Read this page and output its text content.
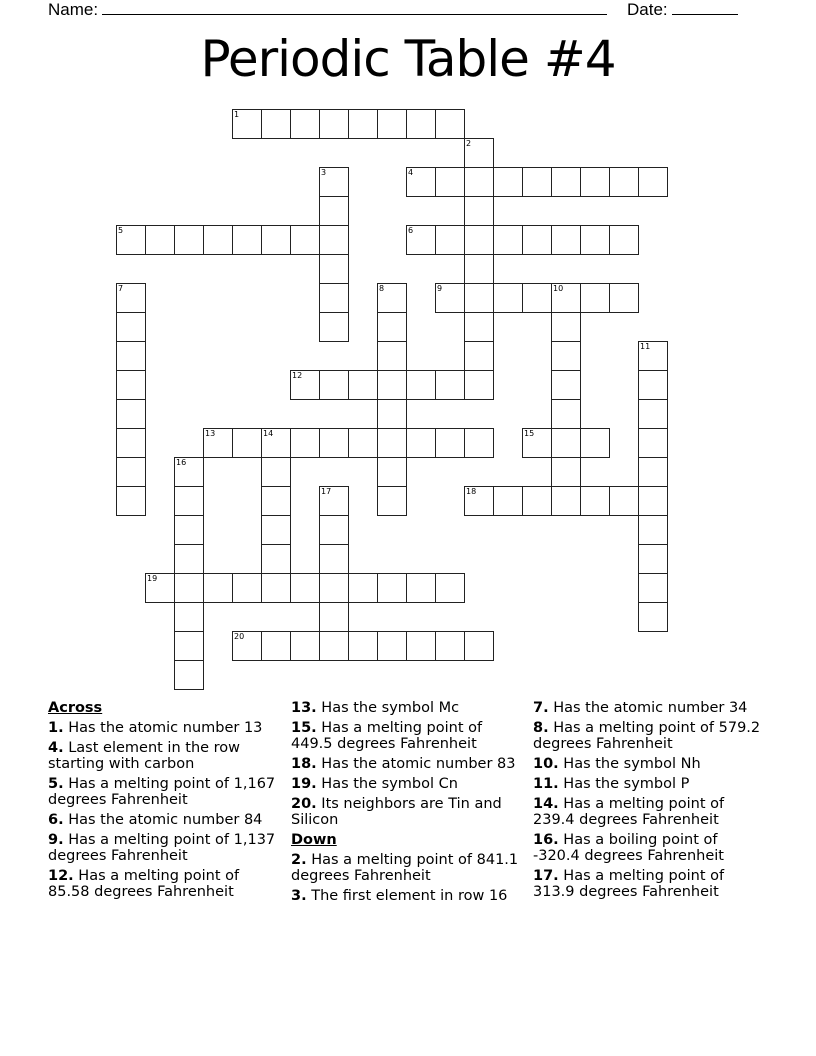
Name:	Date:
Periodic Table #4
1
2
3	4
5	6
7	8	9	10
11
12
13	14	15
16
17	18
19
20
Across
1. Has the atomic number 13
4. Last element in the row starting with carbon
5. Has a melting point of 1,167 degrees Fahrenheit
6. Has the atomic number 84
9. Has a melting point of 1,137 degrees Fahrenheit
12. Has a melting point of 85.58 degrees Fahrenheit
13. Has the symbol Mc
15. Has a melting point of 449.5 degrees Fahrenheit
18. Has the atomic number 83
19. Has the symbol Cn
20. Its neighbors are Tin and Silicon
Down
2. Has a melting point of 841.1 degrees Fahrenheit
3. The first element in row 16
7. Has the atomic number 34
8. Has a melting point of 579.2 degrees Fahrenheit
10. Has the symbol Nh
11. Has the symbol P
14. Has a melting point of 239.4 degrees Fahrenheit
16. Has a boiling point of -320.4 degrees Fahrenheit
17. Has a melting point of 313.9 degrees Fahrenheit
